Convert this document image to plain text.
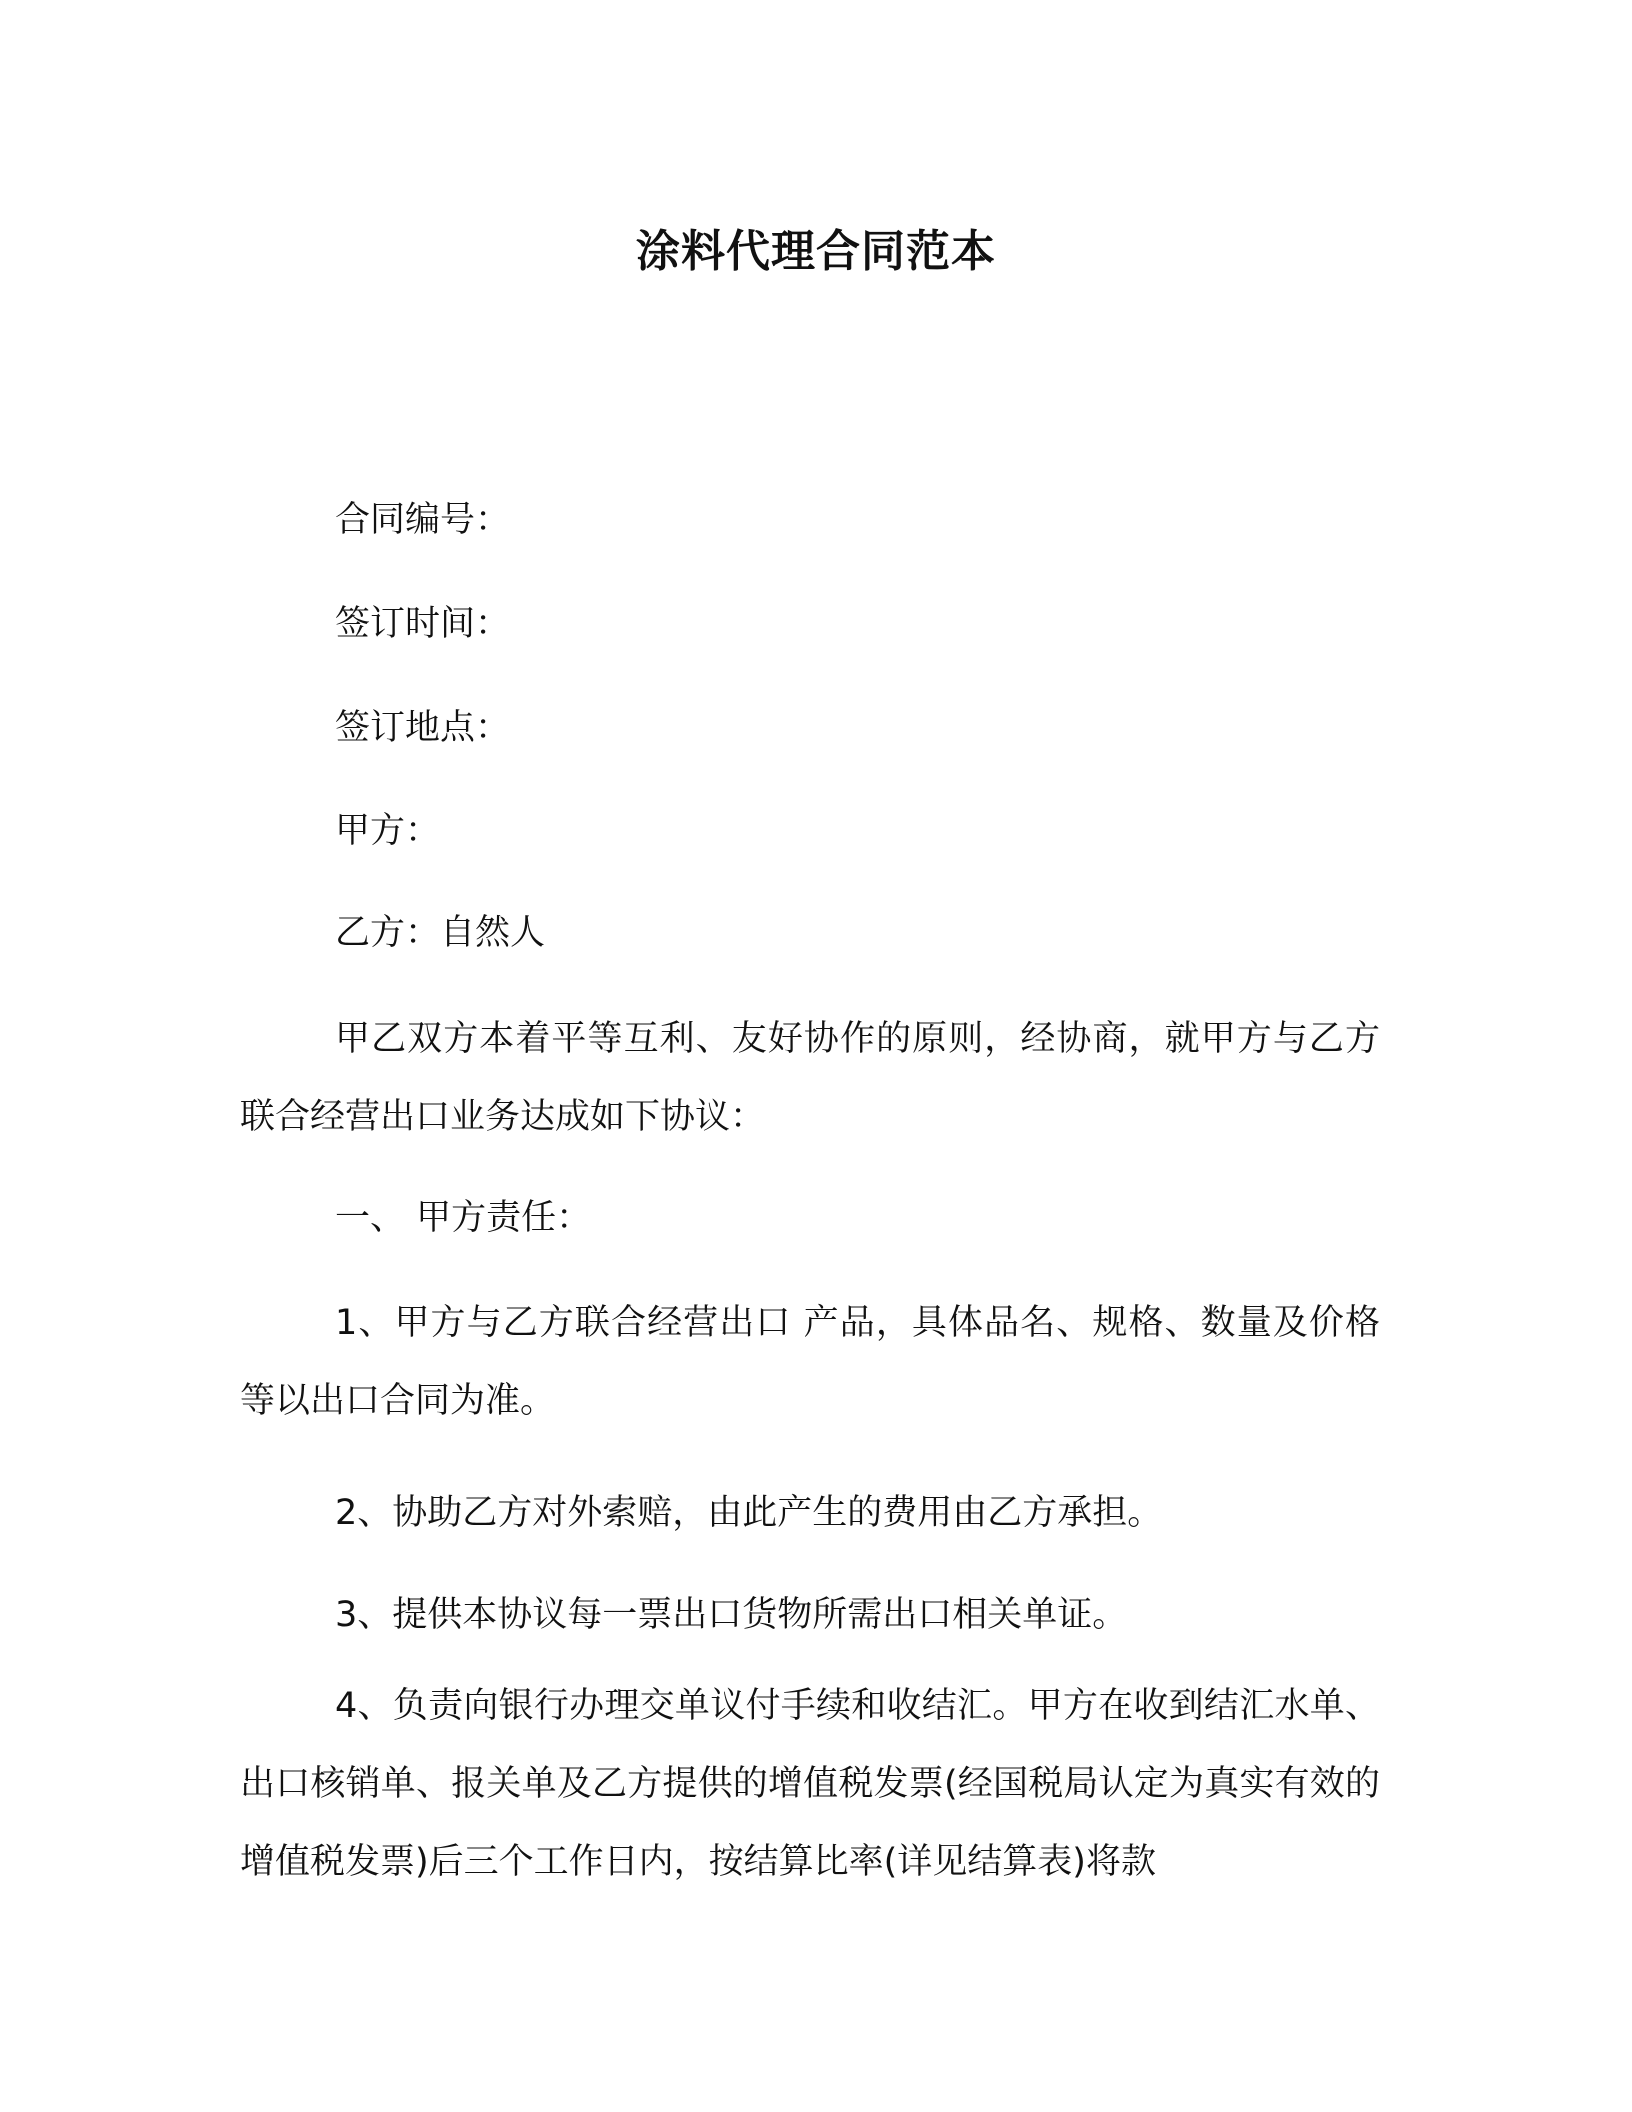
涂料代理合同范本
合同编号：
签订时间：
签订地点：
甲方：
乙方：自然人
甲乙双方本着平等互利、友好协作的原则，经协商，就甲方与乙方联合经营出口业务达成如下协议：
一、 甲方责任：
1、甲方与乙方联合经营出口 产品，具体品名、规格、数量及价格等以出口合同为准。
2、协助乙方对外索赔，由此产生的费用由乙方承担。
3、提供本协议每一票出口货物所需出口相关单证。
4、负责向银行办理交单议付手续和收结汇。甲方在收到结汇水单、出口核销单、报关单及乙方提供的增值税发票(经国税局认定为真实有效的增值税发票)后三个工作日内，按结算比率(详见结算表)将款
